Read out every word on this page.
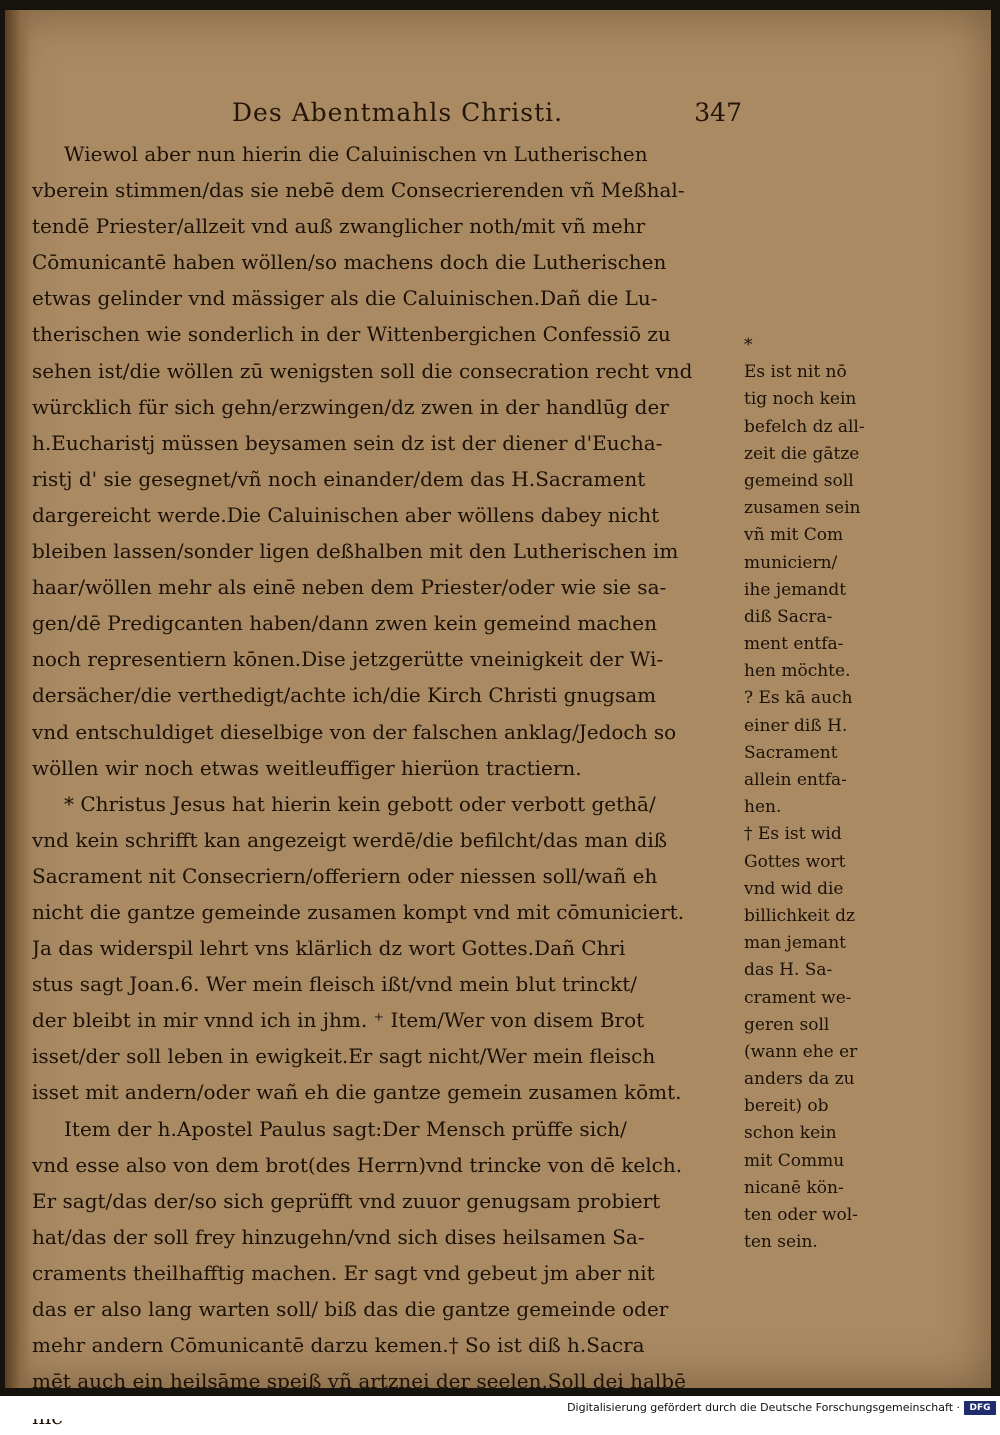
Des Abentmahls Christi.	347
Wiewol aber nun hierin die Caluinischen vn Lutherischen
vberein stimmen/das sie nebē dem Consecrierenden vñ Meßhal-
tendē Priester/allzeit vnd auß zwanglicher noth/mit vñ mehr
Cōmunicantē haben wöllen/so machens doch die Lutherischen
etwas gelinder vnd mässiger als die Caluinischen.Dañ die Lu-
therischen wie sonderlich in der Wittenbergichen Confessiō zu
sehen ist/die wöllen zū wenigsten soll die consecration recht vnd
würcklich für sich gehn/erzwingen/dz zwen in der handlūg der
h.Eucharistj müssen beysamen sein dz ist der diener d'Eucha-
ristj d' sie gesegnet/vñ noch einander/dem das H.Sacrament
dargereicht werde.Die Caluinischen aber wöllens dabey nicht
bleiben lassen/sonder ligen deßhalben mit den Lutherischen im
haar/wöllen mehr als einē neben dem Priester/oder wie sie sa-
gen/dē Predigcanten haben/dann zwen kein gemeind machen
noch representiern kōnen.Dise jetzgerütte vneinigkeit der Wi-
dersächer/die verthedigt/achte ich/die Kirch Christi gnugsam
vnd entschuldiget dieselbige von der falschen anklag/Jedoch so
wöllen wir noch etwas weitleuffiger hierüon tractiern.
* Christus Jesus hat hierin kein gebott oder verbott gethā/
vnd kein schrifft kan angezeigt werdē/die befilcht/das man diß
Sacrament nit Consecriern/offeriern oder niessen soll/wañ eh
nicht die gantze gemeinde zusamen kompt vnd mit cōmuniciert.
Ja das widerspil lehrt vns klärlich dz wort Gottes.Dañ Chri
stus sagt Joan.6. Wer mein fleisch ißt/vnd mein blut trinckt/
der bleibt in mir vnnd ich in jhm. ⁺ Item/Wer von disem Brot
isset/der soll leben in ewigkeit.Er sagt nicht/Wer mein fleisch
isset mit andern/oder wañ eh die gantze gemein zusamen kōmt.
Item der h.Apostel Paulus sagt:Der Mensch prüffe sich/
vnd esse also von dem brot(des Herrn)vnd trincke von dē kelch.
Er sagt/das der/so sich geprüfft vnd zuuor genugsam probiert
hat/das der soll frey hinzugehn/vnd sich dises heilsamen Sa-
craments theilhafftig machen. Er sagt vnd gebeut jm aber nit
das er also lang warten soll/ biß das die gantze gemeinde oder
mehr andern Cōmunicantē darzu kemen.† So ist diß h.Sacra
mēt auch ein heilsāme speiß vñ artznei der seelen.Soll dei halbē
*
Es ist nit nō
tig noch kein
befelch dz all-
zeit die gātze
gemeind soll
zusamen sein
vñ mit Com
municiern/
ihe jemandt
diß Sacra-
ment entfa-
hen möchte.
? Es kā auch
einer diß H.
Sacrament
allein entfa-
hen.
† Es ist wid
Gottes wort
vnd wid die
billichkeit dz
man jemant
das H. Sa-
crament we-
geren soll
(wann ehe er
anders da zu
bereit) ob
schon kein
mit Commu
nicanē kön-
ten oder wol-
ten sein.
Digitalisierung gefördert durch die Deutsche Forschungsgemeinschaft ·	DFG
